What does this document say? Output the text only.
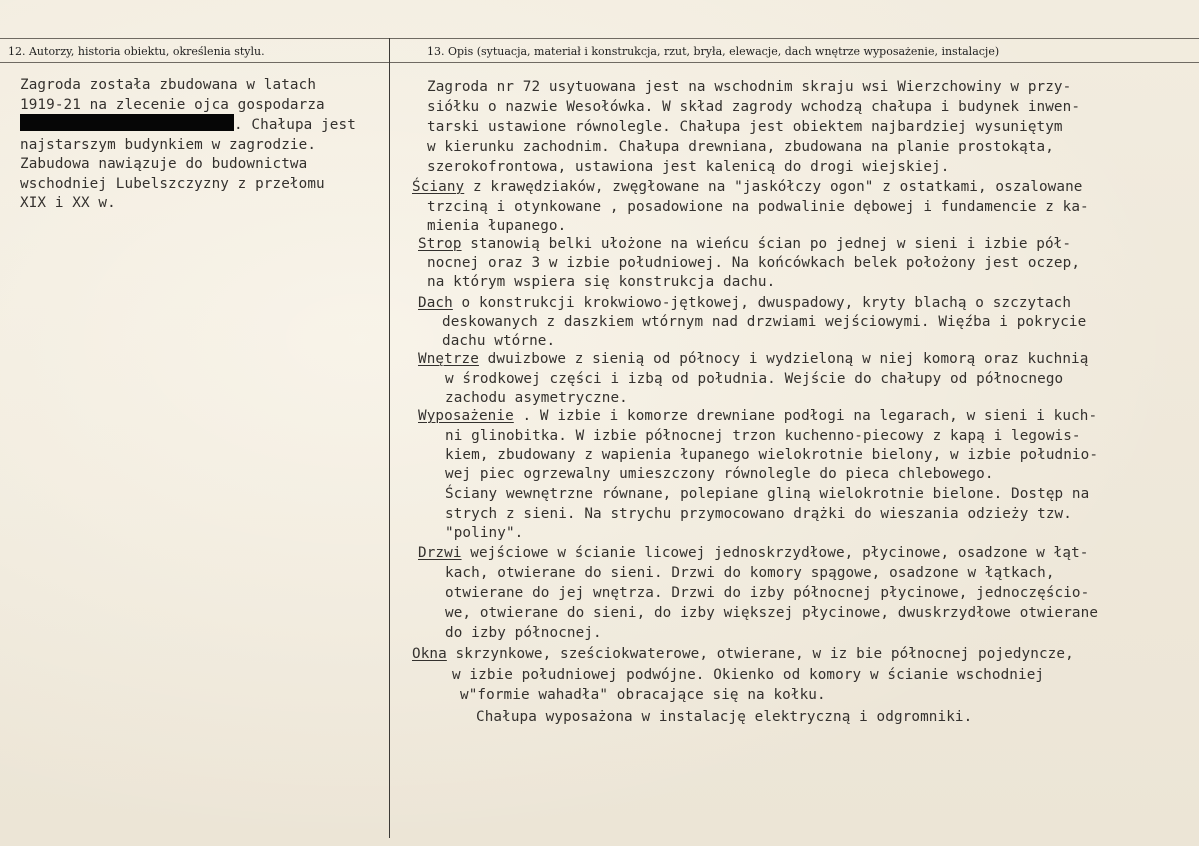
12. Autorzy, historia obiektu, określenia stylu.	13. Opis (sytuacja, materiał i konstrukcja, rzut, bryła, elewacje, dach wnętrze wyposażenie, instalacje)
Zagroda została zbudowana w latach
1919-21 na zlecenie ojca gospodarza
. Chałupa jest
najstarszym budynkiem w zagrodzie.
Zabudowa nawiązuje do budownictwa
wschodniej Lubelszczyzny z przełomu
XIX i XX w.
Zagroda nr 72 usytuowana jest na wschodnim skraju wsi Wierzchowiny w przy-
siółku o nazwie Wesołówka. W skład zagrody wchodzą chałupa i budynek inwen-
tarski ustawione równolegle. Chałupa jest obiektem najbardziej wysuniętym
w kierunku zachodnim. Chałupa drewniana, zbudowana na planie prostokąta,
szerokofrontowa, ustawiona jest kalenicą do drogi wiejskiej.
Ściany z krawędziaków, zwęgłowane na "jaskółczy ogon" z ostatkami, oszalowane
trzciną i otynkowane , posadowione na podwalinie dębowej i fundamencie z ka-
mienia łupanego.
Strop stanowią belki ułożone na wieńcu ścian po jednej w sieni i izbie pół-
nocnej oraz 3 w izbie południowej. Na końcówkach belek położony jest oczep,
na którym wspiera się konstrukcja dachu.
Dach o konstrukcji krokwiowo-jętkowej, dwuspadowy, kryty blachą o szczytach
deskowanych z daszkiem wtórnym nad drzwiami wejściowymi. Więźba i pokrycie
dachu wtórne.
Wnętrze dwuizbowe z sienią od północy i wydzieloną w niej komorą oraz kuchnią
w środkowej części i izbą od południa. Wejście do chałupy od północnego
zachodu asymetryczne.
Wyposażenie . W izbie i komorze drewniane podłogi na legarach, w sieni i kuch-
ni glinobitka. W izbie północnej trzon kuchenno-piecowy z kapą i legowis-
kiem, zbudowany z wapienia łupanego wielokrotnie bielony, w izbie południo-
wej piec ogrzewalny umieszczony równolegle do pieca chlebowego.
Ściany wewnętrzne równane, polepiane gliną wielokrotnie bielone. Dostęp na
strych z sieni. Na strychu przymocowano drążki do wieszania odzieży tzw.
"poliny".
Drzwi wejściowe w ścianie licowej jednoskrzydłowe, płycinowe, osadzone w łąt-
kach, otwierane do sieni. Drzwi do komory spągowe, osadzone w łątkach,
otwierane do jej wnętrza. Drzwi do izby północnej płycinowe, jednoczęścio-
we, otwierane do sieni, do izby większej płycinowe, dwuskrzydłowe otwierane
do izby północnej.
Okna skrzynkowe, sześciokwaterowe, otwierane, w iz bie północnej pojedyncze,
w izbie południowej podwójne. Okienko od komory w ścianie wschodniej
w"formie wahadła" obracające się na kołku.
Chałupa wyposażona w instalację elektryczną i odgromniki.
